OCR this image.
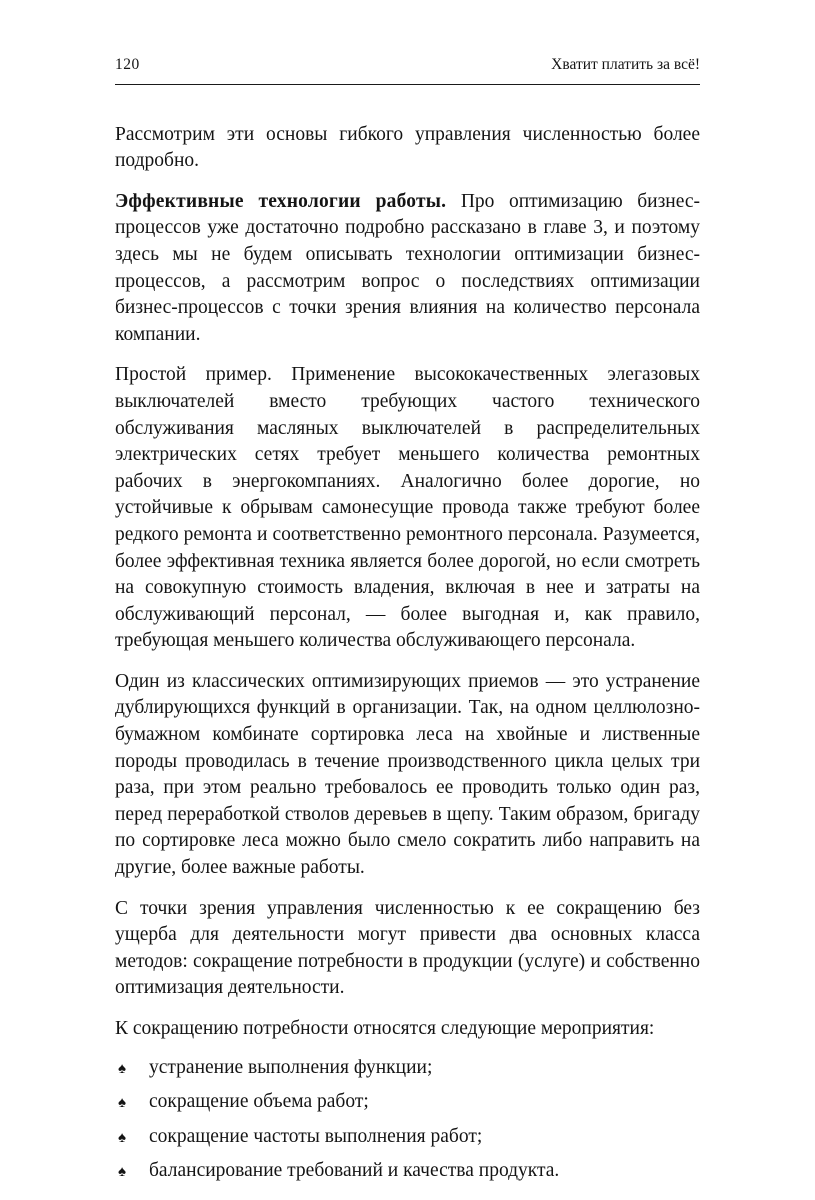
120	Хватит платить за всё!

Рассмотрим эти основы гибкого управления численностью более подробно.

Эффективные технологии работы. Про оптимизацию бизнес-процессов уже достаточно подробно рассказано в главе 3, и поэтому здесь мы не будем описывать технологии оптимизации бизнес-процессов, а рассмотрим вопрос о последствиях оптимизации бизнес-процессов с точки зрения влияния на количество персонала компании.

Простой пример. Применение высококачественных элегазовых выключателей вместо требующих частого технического обслуживания масляных выключателей в распределительных электрических сетях требует меньшего количества ремонтных рабочих в энергокомпаниях. Аналогично более дорогие, но устойчивые к обрывам самонесущие провода также требуют более редкого ремонта и соответственно ремонтного персонала. Разумеется, более эффективная техника является более дорогой, но если смотреть на совокупную стоимость владения, включая в нее и затраты на обслуживающий персонал, — более выгодная и, как правило, требующая меньшего количества обслуживающего персонала.

Один из классических оптимизирующих приемов — это устранение дублирующихся функций в организации. Так, на одном целлюлозно-бумажном комбинате сортировка леса на хвойные и лиственные породы проводилась в течение производственного цикла целых три раза, при этом реально требовалось ее проводить только один раз, перед переработкой стволов деревьев в щепу. Таким образом, бригаду по сортировке леса можно было смело сократить либо направить на другие, более важные работы.

С точки зрения управления численностью к ее сокращению без ущерба для деятельности могут привести два основных класса методов: сокращение потребности в продукции (услуге) и собственно оптимизация деятельности.

К сокращению потребности относятся следующие мероприятия:

♠	устранение выполнения функции;
♠	сокращение объема работ;
♠	сокращение частоты выполнения работ;
♠	балансирование требований и качества продукта.
